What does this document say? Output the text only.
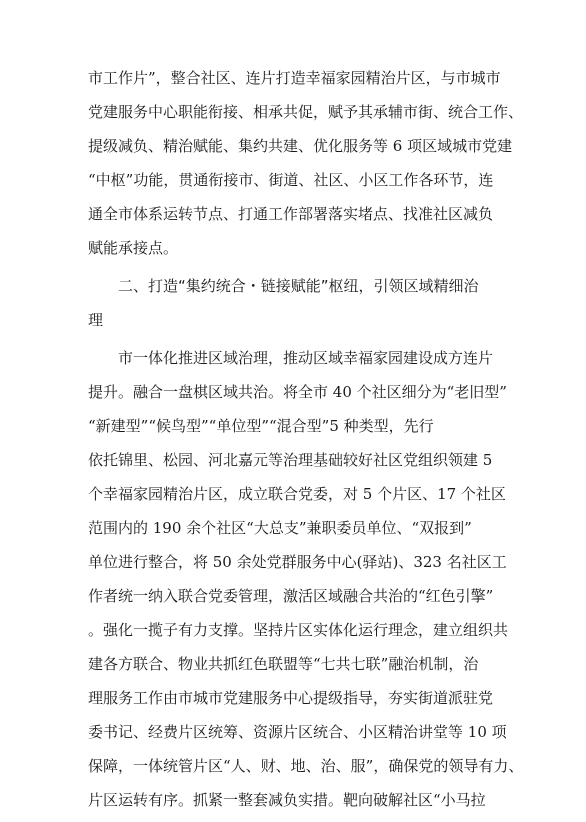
市工作片”，整合社区、连片打造幸福家园精治片区，与市城市
党建服务中心职能衔接、相承共促，赋予其承辅市街、统合工作、
提级减负、精治赋能、集约共建、优化服务等 6 项区域城市党建
“中枢”功能，贯通衔接市、街道、社区、小区工作各环节，连
通全市体系运转节点、打通工作部署落实堵点、找准社区减负
赋能承接点。
二、打造“集约统合・链接赋能”枢纽，引领区域精细治
理
市一体化推进区域治理，推动区域幸福家园建设成方连片
提升。融合一盘棋区域共治。将全市 40 个社区细分为“老旧型”
“新建型”“候鸟型”“单位型”“混合型”5 种类型，先行
依托锦里、松园、河北嘉元等治理基础较好社区党组织领建 5
个幸福家园精治片区，成立联合党委，对 5 个片区、17 个社区
范围内的 190 余个社区“大总支”兼职委员单位、“双报到”
单位进行整合，将 50 余处党群服务中心(驿站)、323 名社区工
作者统一纳入联合党委管理，激活区域融合共治的“红色引擎”
。强化一揽子有力支撑。坚持片区实体化运行理念，建立组织共
建各方联合、物业共抓红色联盟等“七共七联”融治机制，治
理服务工作由市城市党建服务中心提级指导，夯实街道派驻党
委书记、经费片区统筹、资源片区统合、小区精治讲堂等 10 项
保障，一体统管片区“人、财、地、治、服”，确保党的领导有力、
片区运转有序。抓紧一整套减负实措。靶向破解社区“小马拉
